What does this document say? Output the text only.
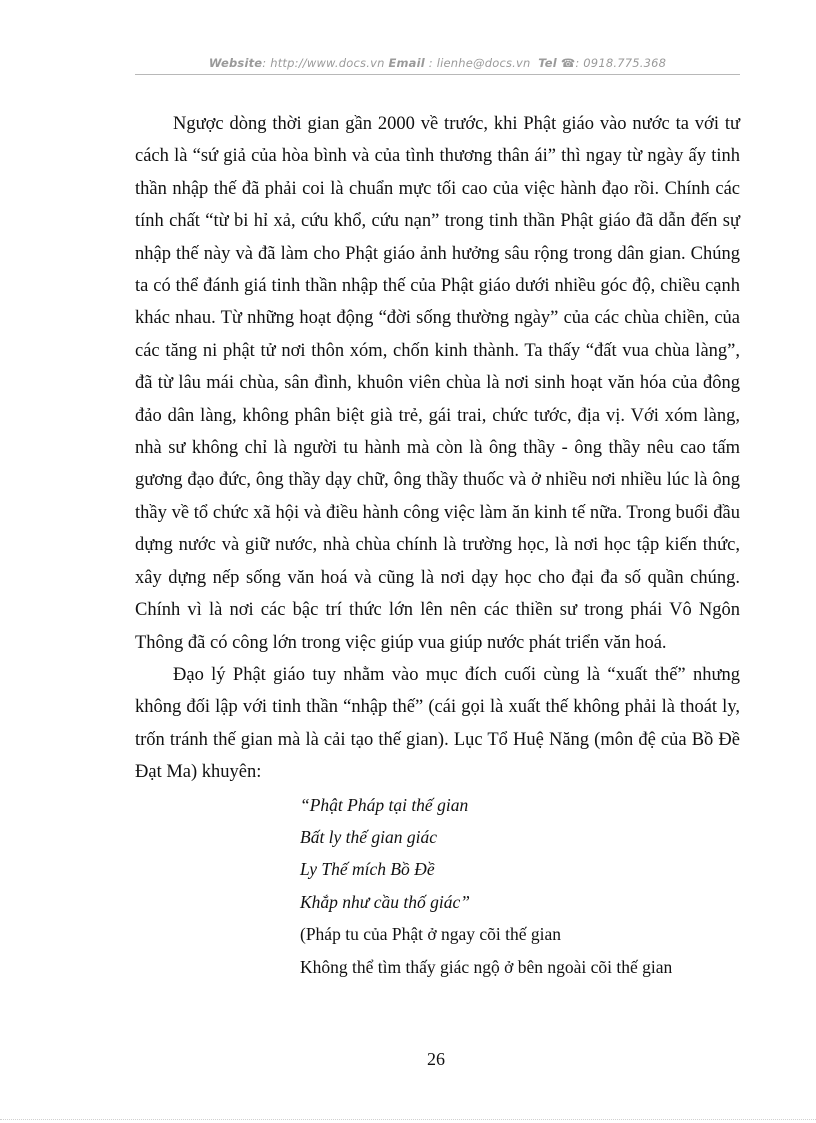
Website: http://www.docs.vn Email : lienhe@docs.vn Tel ☎: 0918.775.368

Ngược dòng thời gian gần 2000 về trước, khi Phật giáo vào nước ta với tư cách là “sứ giả của hòa bình và của tình thương thân ái” thì ngay từ ngày ấy tinh thần nhập thế đã phải coi là chuẩn mực tối cao của việc hành đạo rồi. Chính các tính chất “từ bi hỉ xả, cứu khổ, cứu nạn” trong tinh thần Phật giáo đã dẫn đến sự nhập thế này và đã làm cho Phật giáo ảnh hưởng sâu rộng trong dân gian. Chúng ta có thể đánh giá tinh thần nhập thế của Phật giáo dưới nhiều góc độ, chiều cạnh khác nhau. Từ những hoạt động “đời sống thường ngày” của các chùa chiền, của các tăng ni phật tử nơi thôn xóm, chốn kinh thành. Ta thấy “đất vua chùa làng”, đã từ lâu mái chùa, sân đình, khuôn viên chùa là nơi sinh hoạt văn hóa của đông đảo dân làng, không phân biệt già trẻ, gái trai, chức tước, địa vị. Với xóm làng, nhà sư không chỉ là người tu hành mà còn là ông thầy - ông thầy nêu cao tấm gương đạo đức, ông thầy dạy chữ, ông thầy thuốc và ở nhiều nơi nhiều lúc là ông thầy về tổ chức xã hội và điều hành công việc làm ăn kinh tế nữa. Trong buổi đầu dựng nước và giữ nước, nhà chùa chính là trường học, là nơi học tập kiến thức, xây dựng nếp sống văn hoá và cũng là nơi dạy học cho đại đa số quần chúng. Chính vì là nơi các bậc trí thức lớn lên nên các thiền sư trong phái Vô Ngôn Thông đã có công lớn trong việc giúp vua giúp nước phát triển văn hoá.

Đạo lý Phật giáo tuy nhằm vào mục đích cuối cùng là “xuất thế” nhưng không đối lập với tinh thần “nhập thế” (cái gọi là xuất thế không phải là thoát ly, trốn tránh thế gian mà là cải tạo thế gian). Lục Tổ Huệ Năng (môn đệ của Bồ Đề Đạt Ma) khuyên:

“Phật Pháp tại thế gian
Bất ly thế gian giác
Ly Thế mích Bồ Đề
Khắp như cầu thố giác”
(Pháp tu của Phật ở ngay cõi thế gian
Không thể tìm thấy giác ngộ ở bên ngoài cõi thế gian
26
